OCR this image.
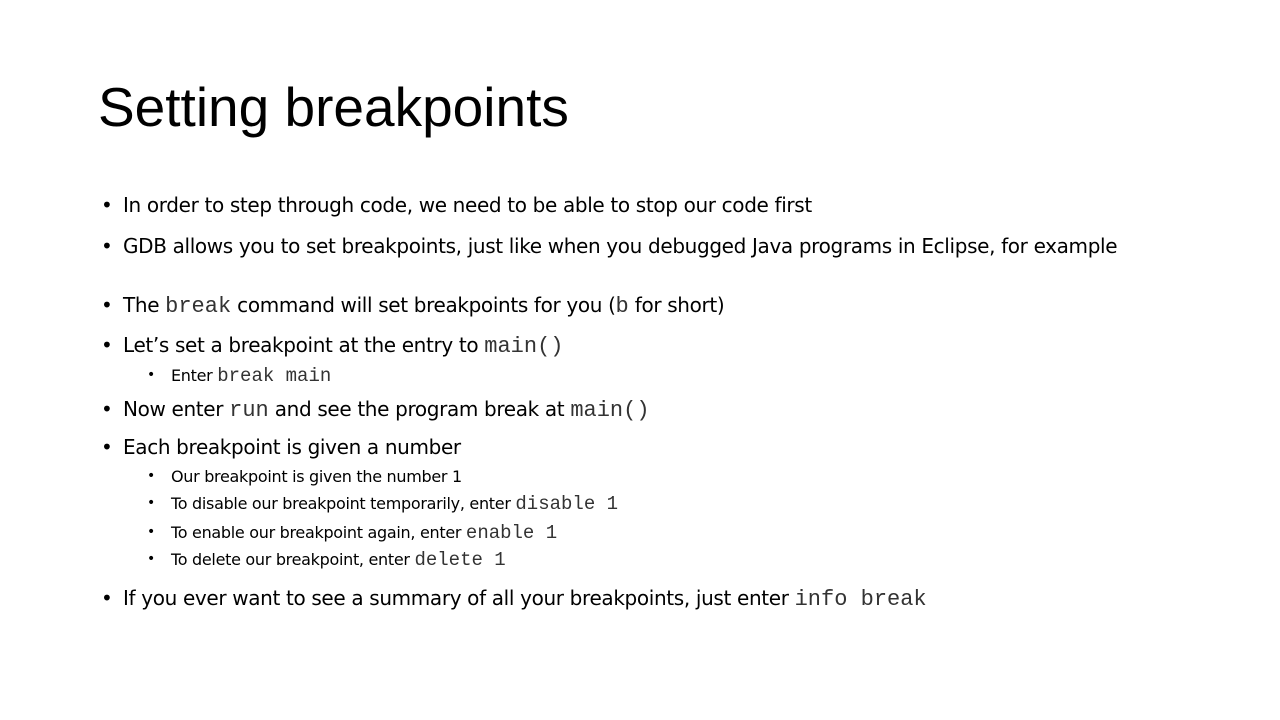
Setting breakpoints
• In order to step through code, we need to be able to stop our code first
• GDB allows you to set breakpoints, just like when you debugged Java programs in Eclipse, for example
• The break command will set breakpoints for you (b for short)
• Let’s set a breakpoint at the entry to main()
• Enter break main
• Now enter run and see the program break at main()
• Each breakpoint is given a number
• Our breakpoint is given the number 1
• To disable our breakpoint temporarily, enter disable 1
• To enable our breakpoint again, enter enable 1
• To delete our breakpoint, enter delete 1
• If you ever want to see a summary of all your breakpoints, just enter info break
